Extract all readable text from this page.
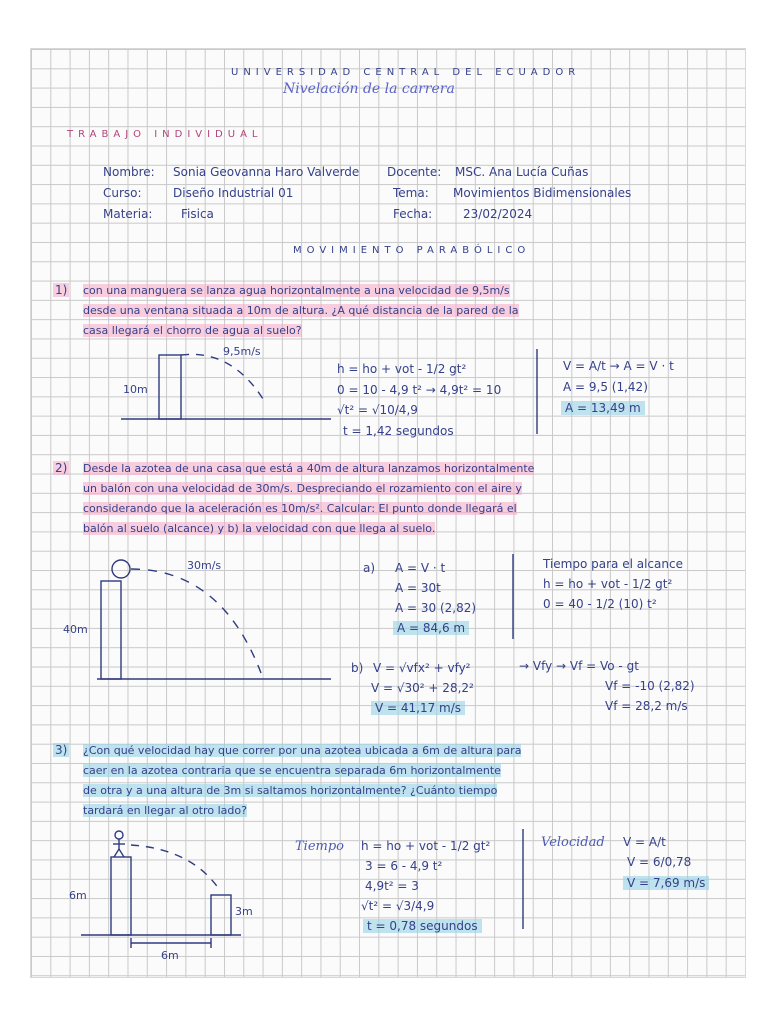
UNIVERSIDAD CENTRAL DEL ECUADOR
Nivelación de la carrera
TRABAJO INDIVIDUAL
Nombre: Sonia Geovanna Haro Valverde
Curso:	Diseño Industrial 01
Materia: Fisica
Docente: MSC. Ana Lucía Cuñas
Tema: Movimientos Bidimensionales
Fecha:	23/02/2024
MOVIMIENTO PARABÓLICO
1) con una manguera se lanza agua horizontalmente a una velocidad de 9,5m/s
desde una ventana situada a 10m de altura. ¿A qué distancia de la pared de la
casa llegará el chorro de agua al suelo?
9,5m/s
10m
h = ho + vot - 1/2 gt²
0 = 10 - 4,9 t² → 4,9t² = 10
√t² = √10/4,9
t = 1,42 segundos
V = A/t → A = V · t
A = 9,5 (1,42)
A = 13,49 m
2) Desde la azotea de una casa que está a 40m de altura lanzamos horizontalmente
un balón con una velocidad de 30m/s. Despreciando el rozamiento con el aire y
considerando que la aceleración es 10m/s². Calcular: El punto donde llegará el
balón al suelo (alcance) y b) la velocidad con que llega al suelo.
30m/s
40m
a) A = V · t
A = 30t
A = 30 (2,82)
A = 84,6 m
Tiempo para el alcance
h = ho + vot - 1/2 gt²
0 = 40 - 1/2 (10) t²
b) V = √vfx² + vfy²
V = √30² + 28,2²
V = 41,17 m/s
→ Vfy → Vf = Vo - gt
Vf = -10 (2,82)
Vf = 28,2 m/s
3) ¿Con qué velocidad hay que correr por una azotea ubicada a 6m de altura para
caer en la azotea contraria que se encuentra separada 6m horizontalmente
de otra y a una altura de 3m si saltamos horizontalmente? ¿Cuánto tiempo
tardará en llegar al otro lado?
6m
3m
6m
Tiempo h = ho + vot - 1/2 gt²
3 = 6 - 4,9 t²
4,9t² = 3
√t² = √3/4,9
t = 0,78 segundos
Velocidad V = A/t
V = 6/0,78
V = 7,69 m/s
